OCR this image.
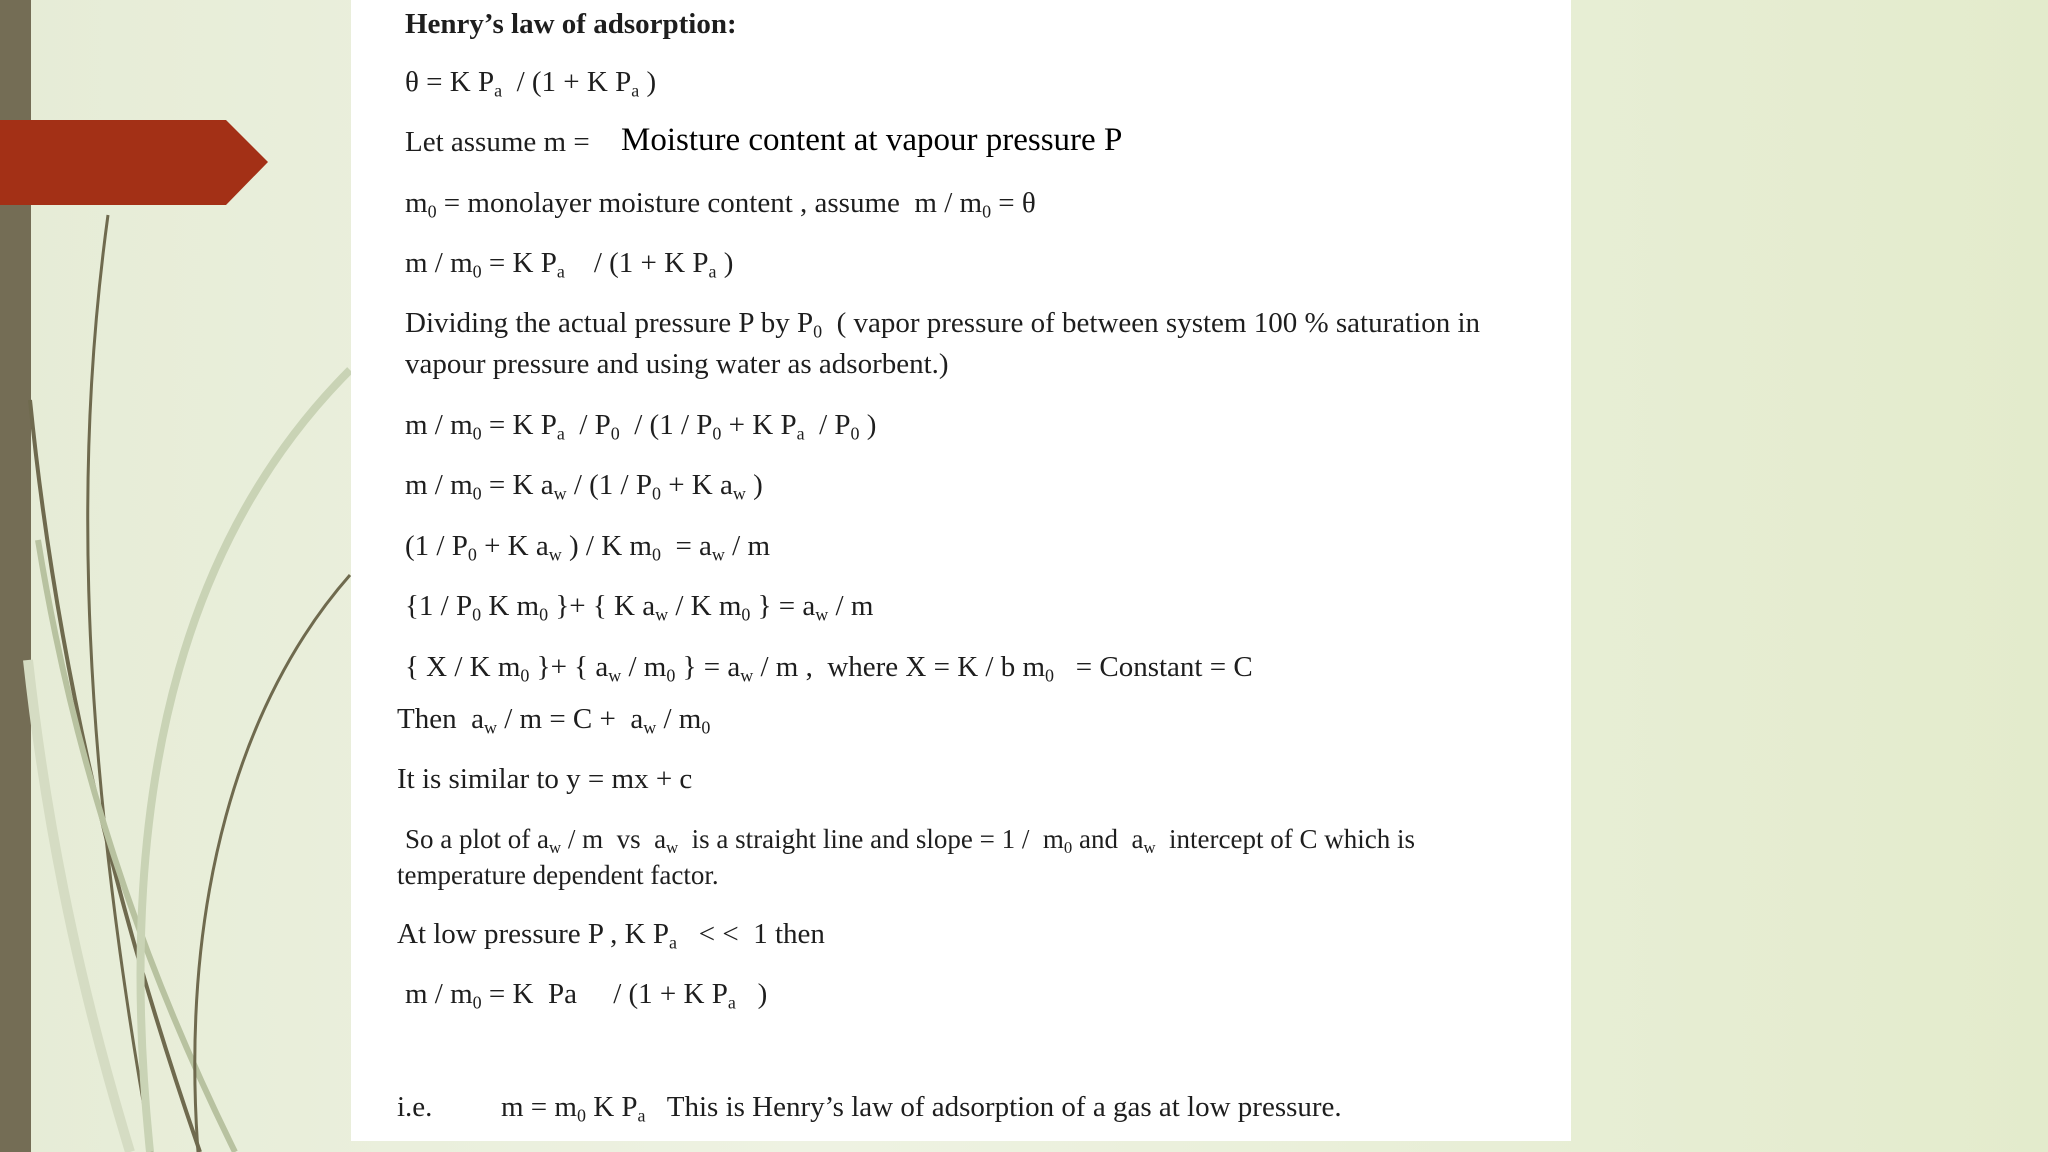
Henry’s law of adsorption:
θ = K $P_a / (1 + K$ $P_a$ )
Let assume m = Moisture content at vapour pressure P
$m_0$ = monolayer moisture content , assume  $m / m_0 = \theta$
$m / m_0 = K$ $P_a$    / (1 + K $P_a$ )
Dividing the actual pressure P by $P_0$  ( vapor pressure of between system 100 % saturation in
vapour pressure and using water as adsorbent.)
$m / m_0 = K$ $P_a / P_0 / (1 / P_0 + K$ $P_a / P_0$ )
$m / m_0 = K$ $a_w / (1 / P_0 + K$ $a_w$ )
($1 / P_0 + K$ $a_w$ ) / K $m_0 = a_w / m$
{$1 / P_0$ K $m_0$ }+ { K $a_w$ / K $m_0$ } = $a_w$ / m
{ X / K $m_0$ }+ { $a_w / m_0$ } = $a_w$ / m ,  where X = K / b $m_0$   = Constant = C
Then  $a_w / m = C + a_w / m_0$
It is similar to y = mx + c
So a plot of $a_w$ / m  vs  $a_w$  is a straight line and slope = $1 / m_0$ and  $a_w$  intercept of C which is
temperature dependent factor.
At low pressure P , K $P_a$   < <  1 then
$m / m_0 = K$  Pa     / (1 + K $P_a$   )
i.e. $m = m_0$ K $P_a$   This is Henry’s law of adsorption of a gas at low pressure.
